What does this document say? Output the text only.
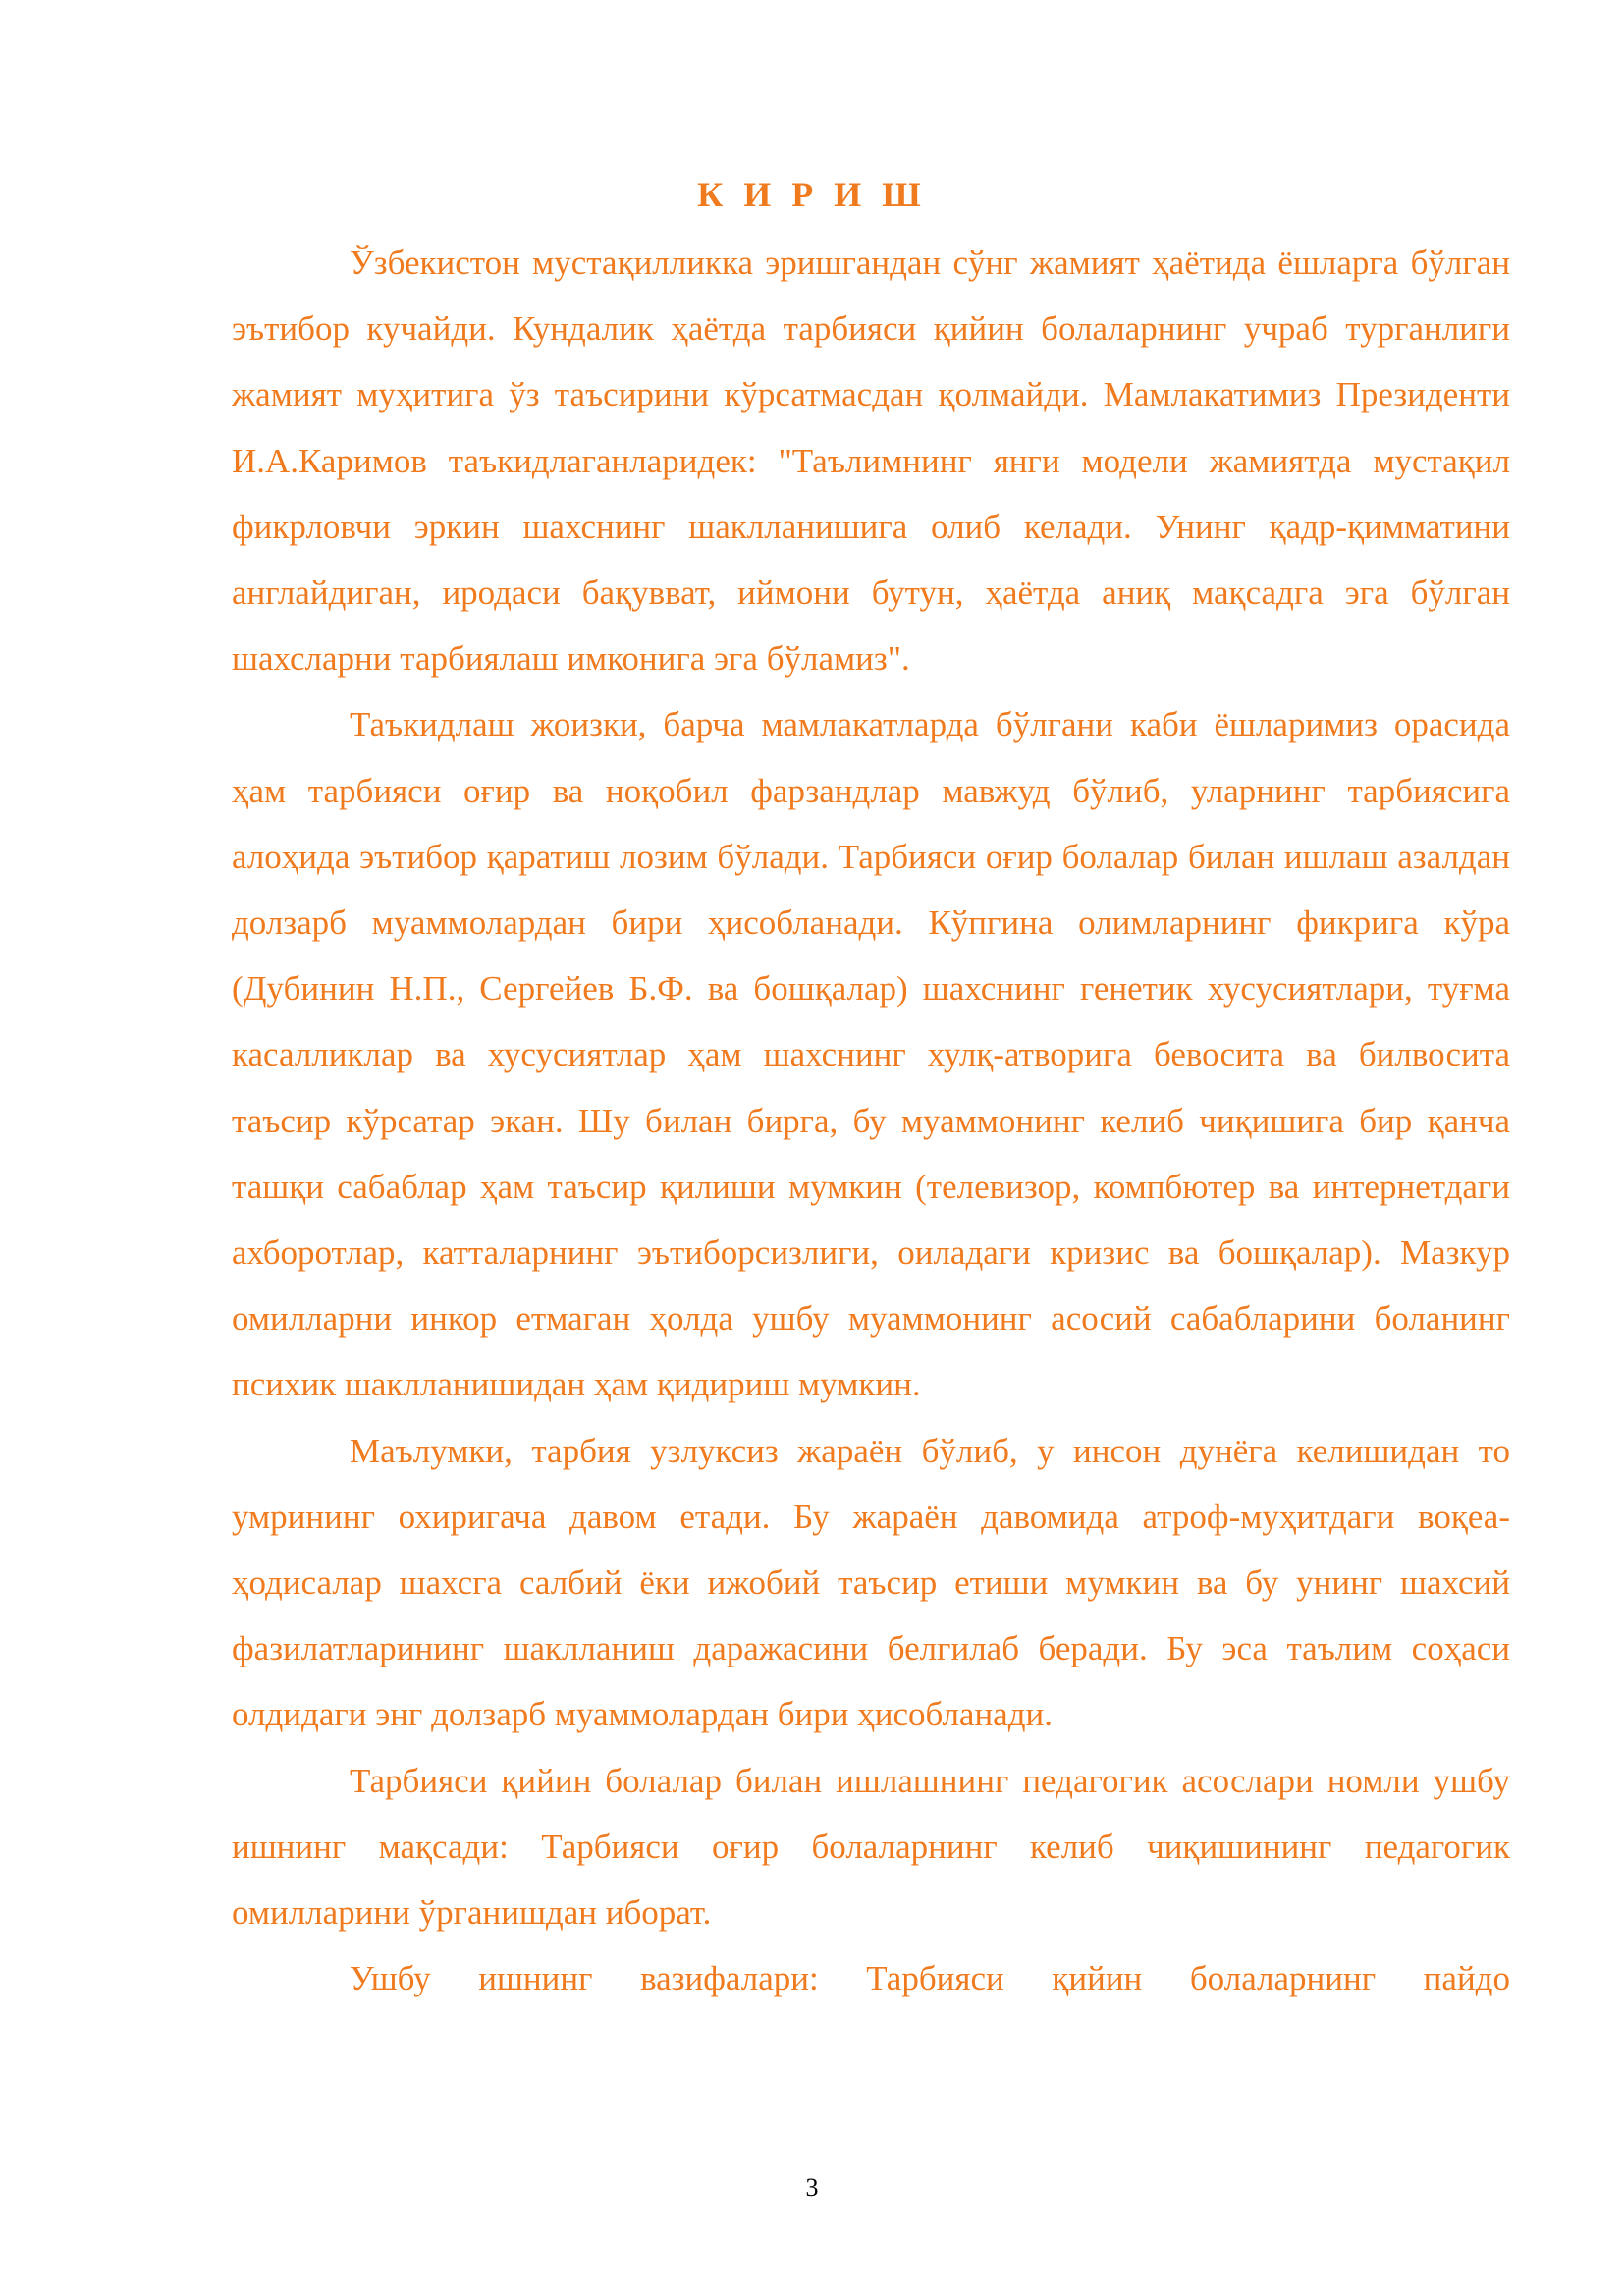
К И Р И Ш

Ўзбекистон мустақилликка эришгандан сўнг жамият ҳаётида ёшларга бўлган эътибор кучайди. Кундалик ҳаётда тарбияси қийин болаларнинг учраб турганлиги жамият муҳитига ўз таъсирини кўрсатмасдан қолмайди. Мамлакатимиз Президенти И.А.Каримов таъкидлаганларидек: "Таълимнинг янги модели жамиятда мустақил фикрловчи эркин шахснинг шаклланишига олиб келади. Унинг қадр-қимматини англайдиган, иродаси бақувват, иймони бутун, ҳаётда аниқ мақсадга эга бўлган шахсларни тарбиялаш имконига эга бўламиз".

Таъкидлаш жоизки, барча мамлакатларда бўлгани каби ёшларимиз орасида ҳам тарбияси оғир ва ноқобил фарзандлар мавжуд бўлиб, уларнинг тарбиясига алоҳида эътибор қаратиш лозим бўлади. Тарбияси оғир болалар билан ишлаш азалдан долзарб муаммолардан бири ҳисобланади. Кўпгина олимларнинг фикрига кўра (Дубинин Н.П., Сергейев Б.Ф. ва бошқалар) шахснинг генетик хусусиятлари, туғма касалликлар ва хусусиятлар ҳам шахснинг хулқ-атворига бевосита ва билвосита таъсир кўрсатар экан. Шу билан бирга, бу муаммонинг келиб чиқишига бир қанча ташқи сабаблар ҳам таъсир қилиши мумкин (телевизор, компбютер ва интернетдаги ахборотлар, катталарнинг эътиборсизлиги, оиладаги кризис ва бошқалар). Мазкур омилларни инкор етмаган ҳолда ушбу муаммонинг асосий сабабларини боланинг психик шаклланишидан ҳам қидириш мумкин.

Маълумки, тарбия узлуксиз жараён бўлиб, у инсон дунёга келишидан то умрининг охиригача давом етади. Бу жараён давомида атроф-муҳитдаги воқеа-ҳодисалар шахсга салбий ёки ижобий таъсир етиши мумкин ва бу унинг шахсий фазилатларининг шаклланиш даражасини белгилаб беради. Бу эса таълим соҳаси олдидаги энг долзарб муаммолардан бири ҳисобланади.

Тарбияси қийин болалар билан ишлашнинг педагогик асослари номли ушбу ишнинг мақсади: Тарбияси оғир болаларнинг келиб чиқишининг педагогик омилларини ўрганишдан иборат.

Ушбу ишнинг вазифалари: Тарбияси қийин болаларнинг пайдо

3
